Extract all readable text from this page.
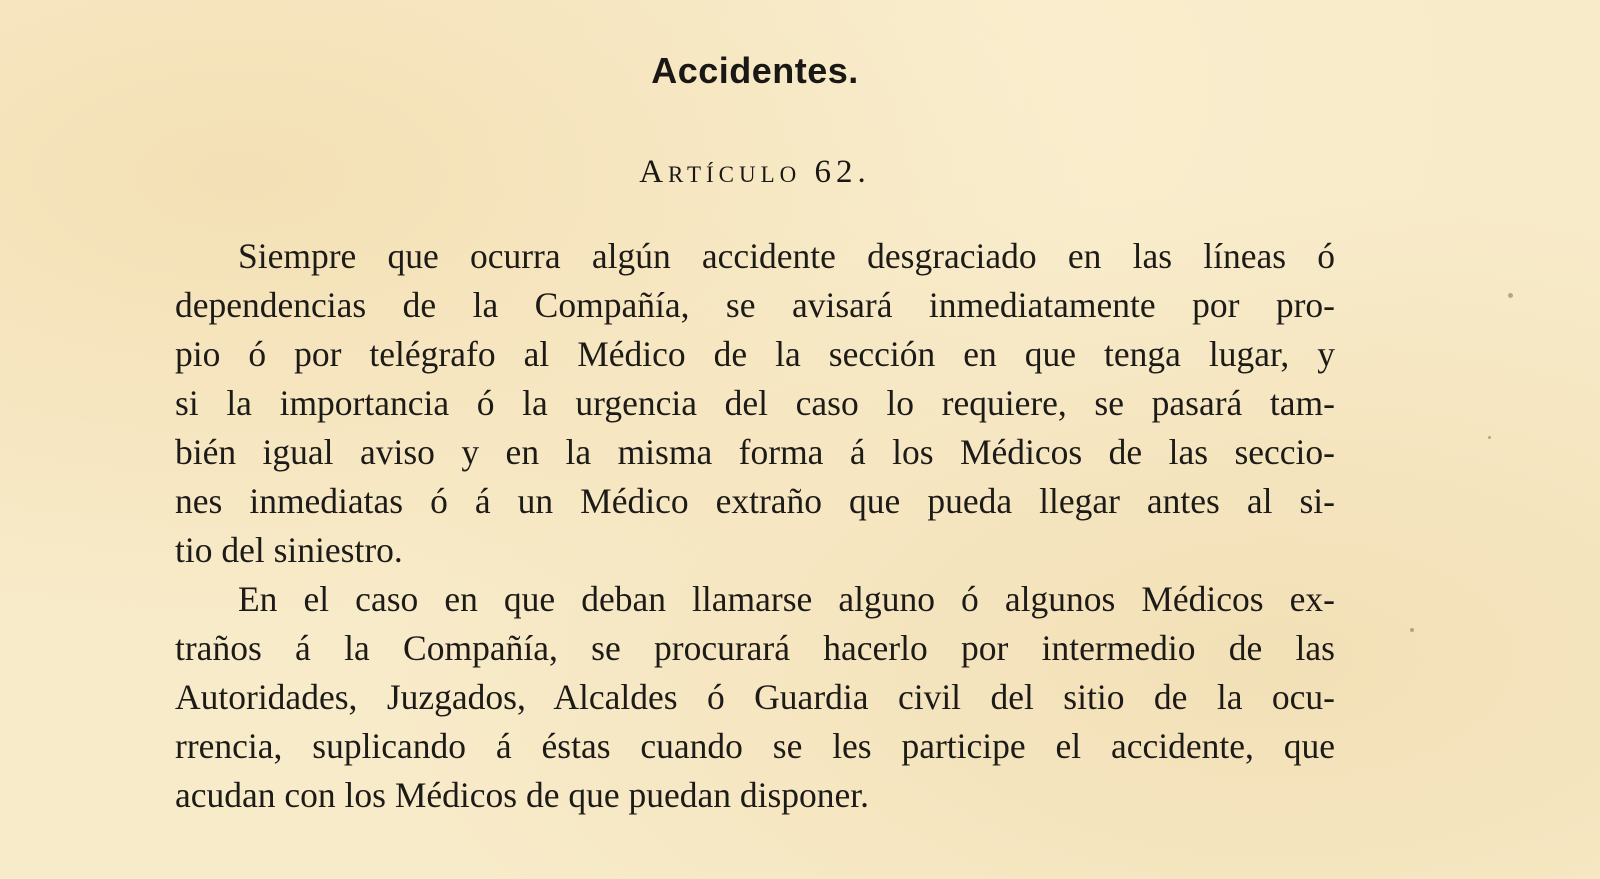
Accidentes.
Artículo 62.
Siempre que ocurra algún accidente desgraciado en las líneas ó
dependencias de la Compañía, se avisará inmediatamente por pro-
pio ó por telégrafo al Médico de la sección en que tenga lugar, y
si la importancia ó la urgencia del caso lo requiere, se pasará tam-
bién igual aviso y en la misma forma á los Médicos de las seccio-
nes inmediatas ó á un Médico extraño que pueda llegar antes al si-
tio del siniestro.
En el caso en que deban llamarse alguno ó algunos Médicos ex-
traños á la Compañía, se procurará hacerlo por intermedio de las
Autoridades, Juzgados, Alcaldes ó Guardia civil del sitio de la ocu-
rrencia, suplicando á éstas cuando se les participe el accidente, que
acudan con los Médicos de que puedan disponer.
